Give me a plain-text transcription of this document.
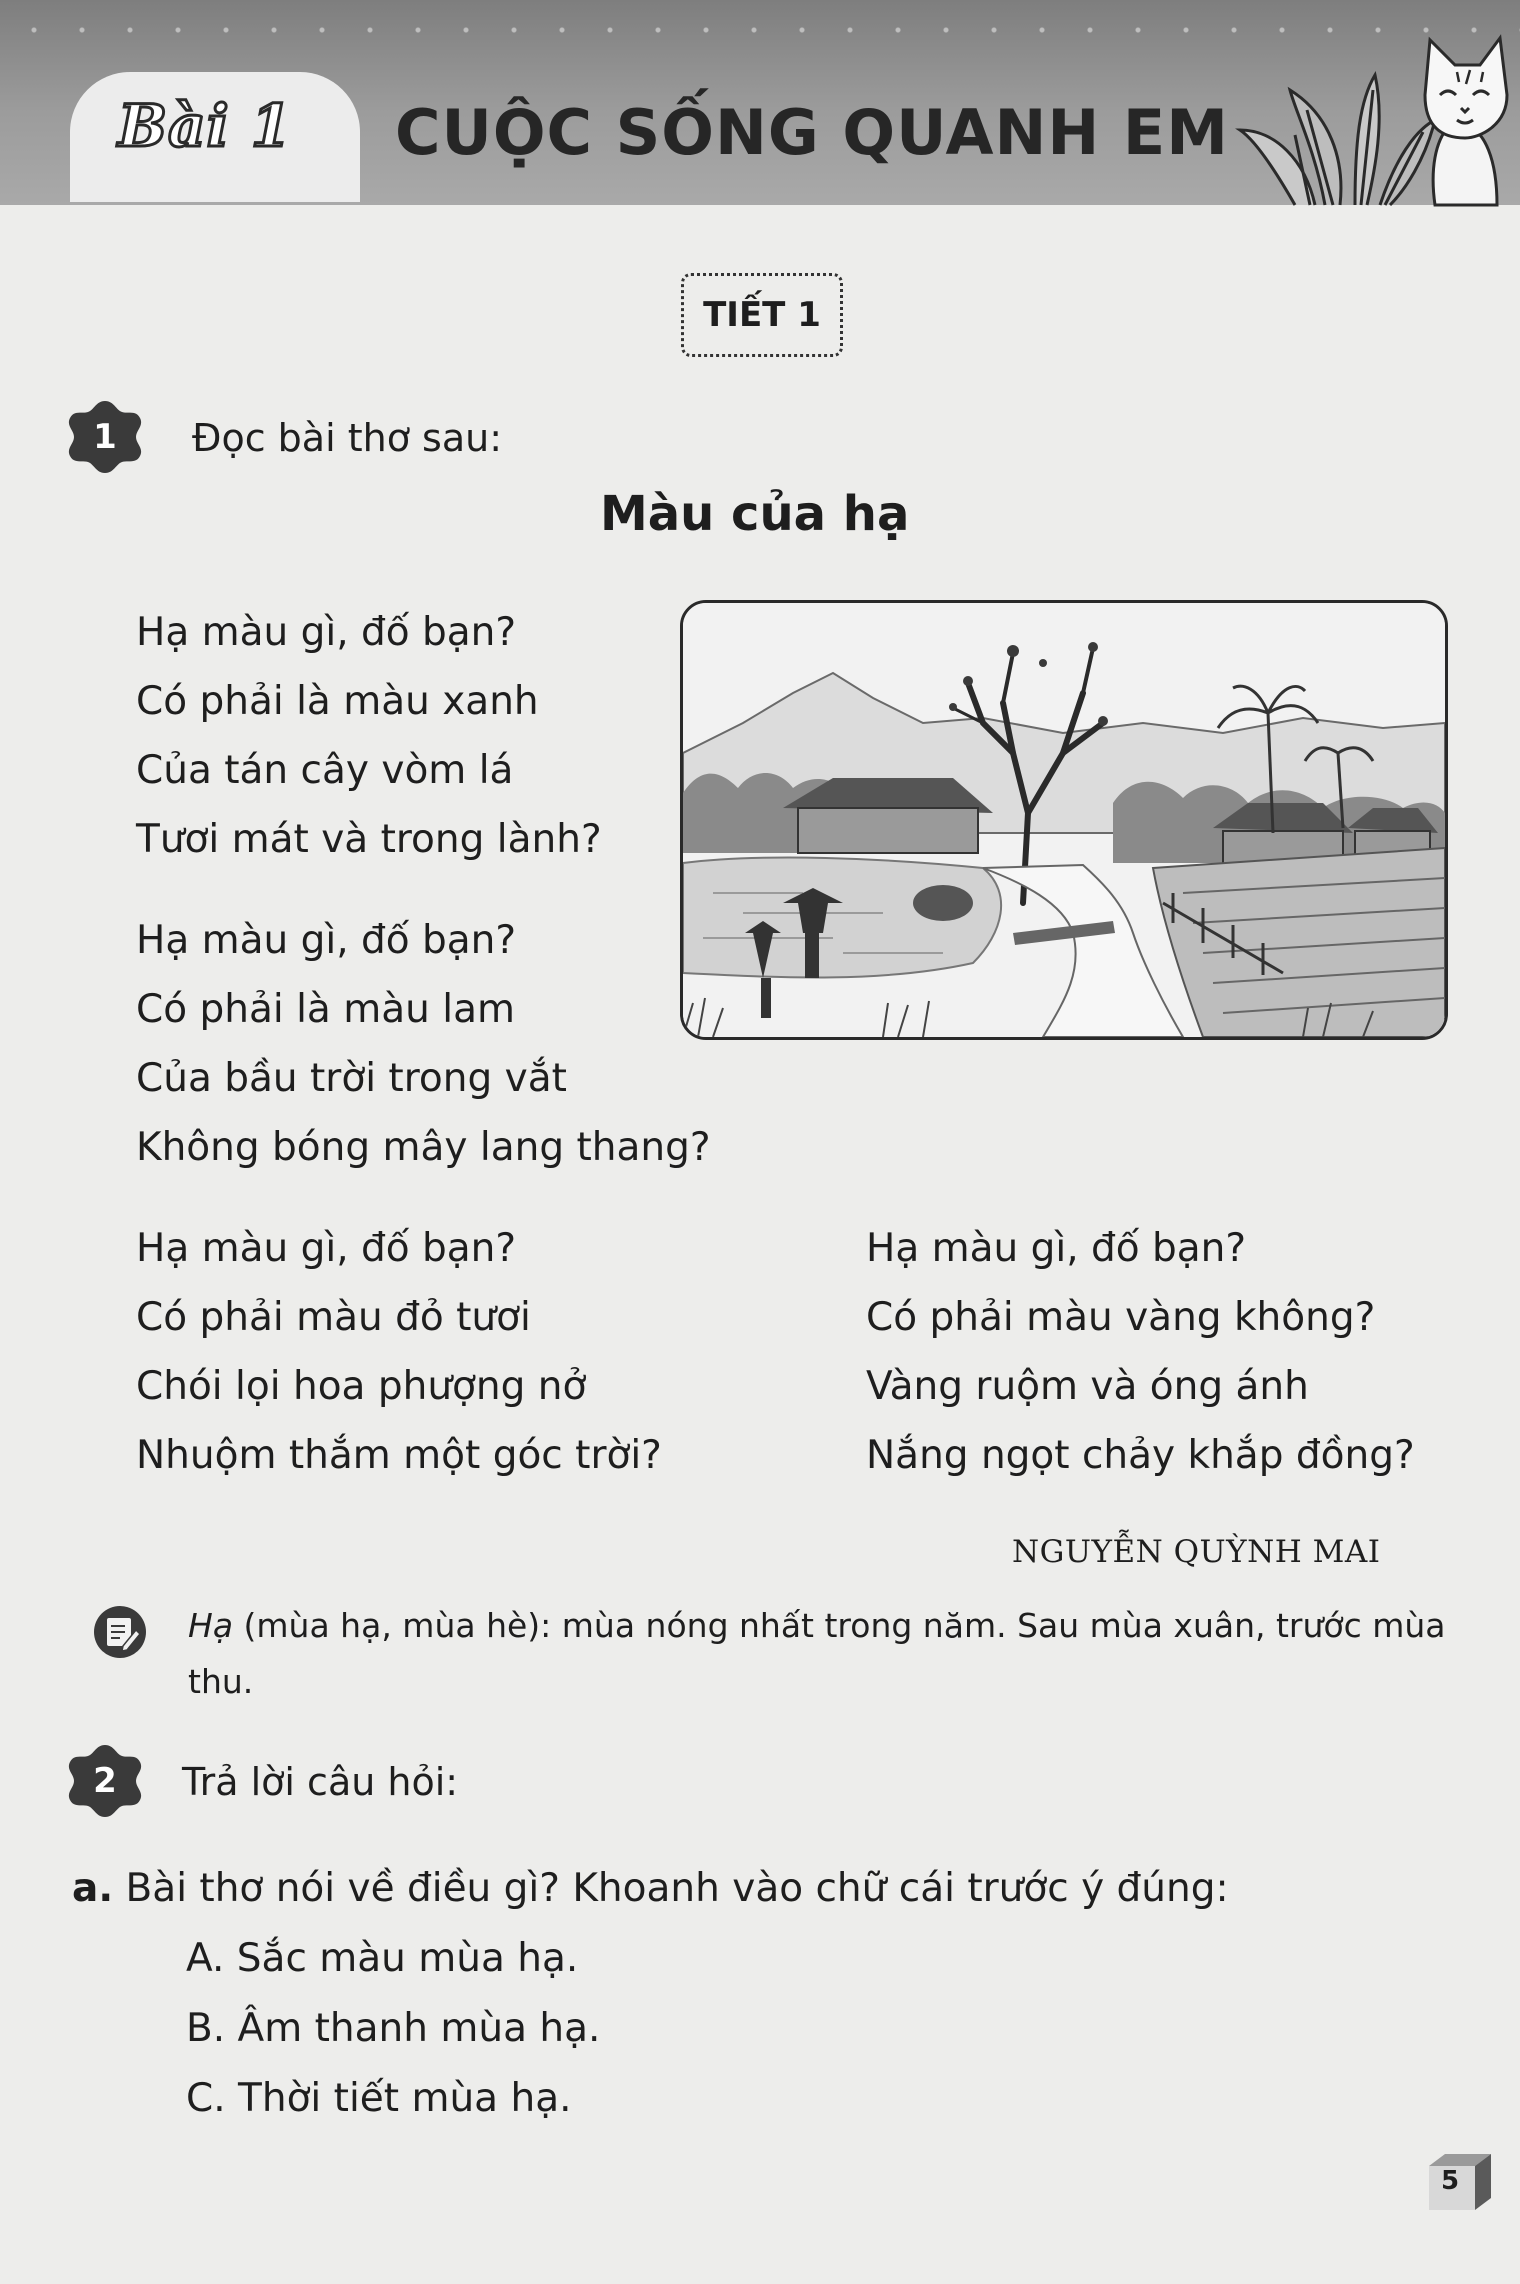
Bài 1 CUỘC SỐNG QUANH EM
TIẾT 1
1	Đọc bài thơ sau:
Màu của hạ
Hạ màu gì, đố bạn?
Có phải là màu xanh
Của tán cây vòm lá
Tươi mát và trong lành?
Hạ màu gì, đố bạn?
Có phải là màu lam
Của bầu trời trong vắt
Không bóng mây lang thang?
Hạ màu gì, đố bạn?
Có phải màu đỏ tươi
Chói lọi hoa phượng nở
Nhuộm thắm một góc trời?
Hạ màu gì, đố bạn?
Có phải màu vàng không?
Vàng ruộm và óng ánh
Nắng ngọt chảy khắp đồng?
NGUYỄN QUỲNH MAI
Hạ (mùa hạ, mùa hè): mùa nóng nhất trong năm. Sau mùa xuân, trước mùa thu.
2	Trả lời câu hỏi:
a. Bài thơ nói về điều gì? Khoanh vào chữ cái trước ý đúng:
A. Sắc màu mùa hạ.
B. Âm thanh mùa hạ.
C. Thời tiết mùa hạ.
5
